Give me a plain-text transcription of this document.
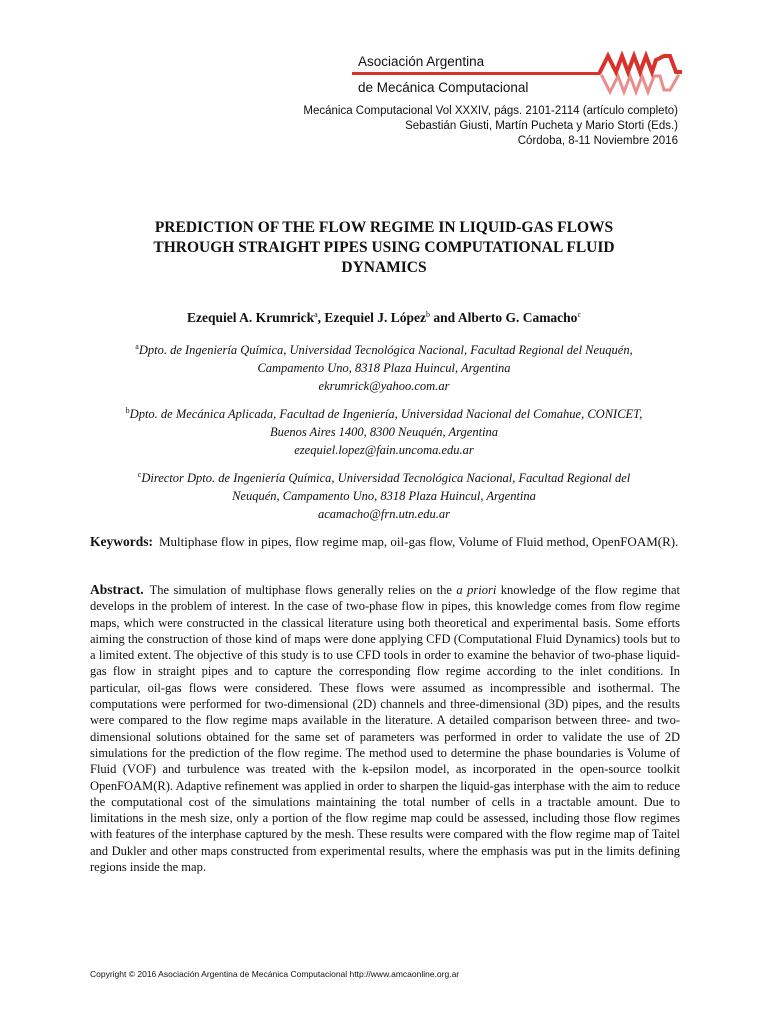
Asociación Argentina
de Mecánica Computacional
Mecánica Computacional Vol XXXIV, págs. 2101-2114 (artículo completo)
Sebastián Giusti, Martín Pucheta y Mario Storti (Eds.)
Córdoba, 8-11 Noviembre 2016
PREDICTION OF THE FLOW REGIME IN LIQUID-GAS FLOWS
THROUGH STRAIGHT PIPES USING COMPUTATIONAL FLUID
DYNAMICS
Ezequiel A. Krumrick$^a$, Ezequiel J. López$^b$ and Alberto G. Camacho$^c$
$^a$Dpto. de Ingeniería Química, Universidad Tecnológica Nacional, Facultad Regional del Neuquén,
Campamento Uno, 8318 Plaza Huincul, Argentina
ekrumrick@yahoo.com.ar
$^b$Dpto. de Mecánica Aplicada, Facultad de Ingeniería, Universidad Nacional del Comahue, CONICET,
Buenos Aires 1400, 8300 Neuquén, Argentina
ezequiel.lopez@fain.uncoma.edu.ar
$^c$Director Dpto. de Ingeniería Química, Universidad Tecnológica Nacional, Facultad Regional del
Neuquén, Campamento Uno, 8318 Plaza Huincul, Argentina
acamacho@frn.utn.edu.ar
Keywords: Multiphase flow in pipes, flow regime map, oil-gas flow, Volume of Fluid method, OpenFOAM(R).
Abstract. The simulation of multiphase flows generally relies on the a priori knowledge of the flow regime that develops in the problem of interest. In the case of two-phase flow in pipes, this knowledge comes from flow regime maps, which were constructed in the classical literature using both theoretical and experimental basis. Some efforts aiming the construction of those kind of maps were done applying CFD (Computational Fluid Dynamics) tools but to a limited extent. The objective of this study is to use CFD tools in order to examine the behavior of two-phase liquid-gas flow in straight pipes and to capture the corresponding flow regime according to the inlet conditions. In particular, oil-gas flows were considered. These flows were assumed as incompressible and isothermal. The computations were performed for two-dimensional (2D) channels and three-dimensional (3D) pipes, and the results were compared to the flow regime maps available in the literature. A detailed comparison between three- and two-dimensional solutions obtained for the same set of parameters was performed in order to validate the use of 2D simulations for the prediction of the flow regime. The method used to determine the phase boundaries is Volume of Fluid (VOF) and turbulence was treated with the k-epsilon model, as incorporated in the open-source toolkit OpenFOAM(R). Adaptive refinement was applied in order to sharpen the liquid-gas interphase with the aim to reduce the computational cost of the simulations maintaining the total number of cells in a tractable amount. Due to limitations in the mesh size, only a portion of the flow regime map could be assessed, including those flow regimes with features of the interphase captured by the mesh. These results were compared with the flow regime map of Taitel and Dukler and other maps constructed from experimental results, where the emphasis was put in the limits defining regions inside the map.
Copyright © 2016 Asociación Argentina de Mecánica Computacional http://www.amcaonline.org.ar
